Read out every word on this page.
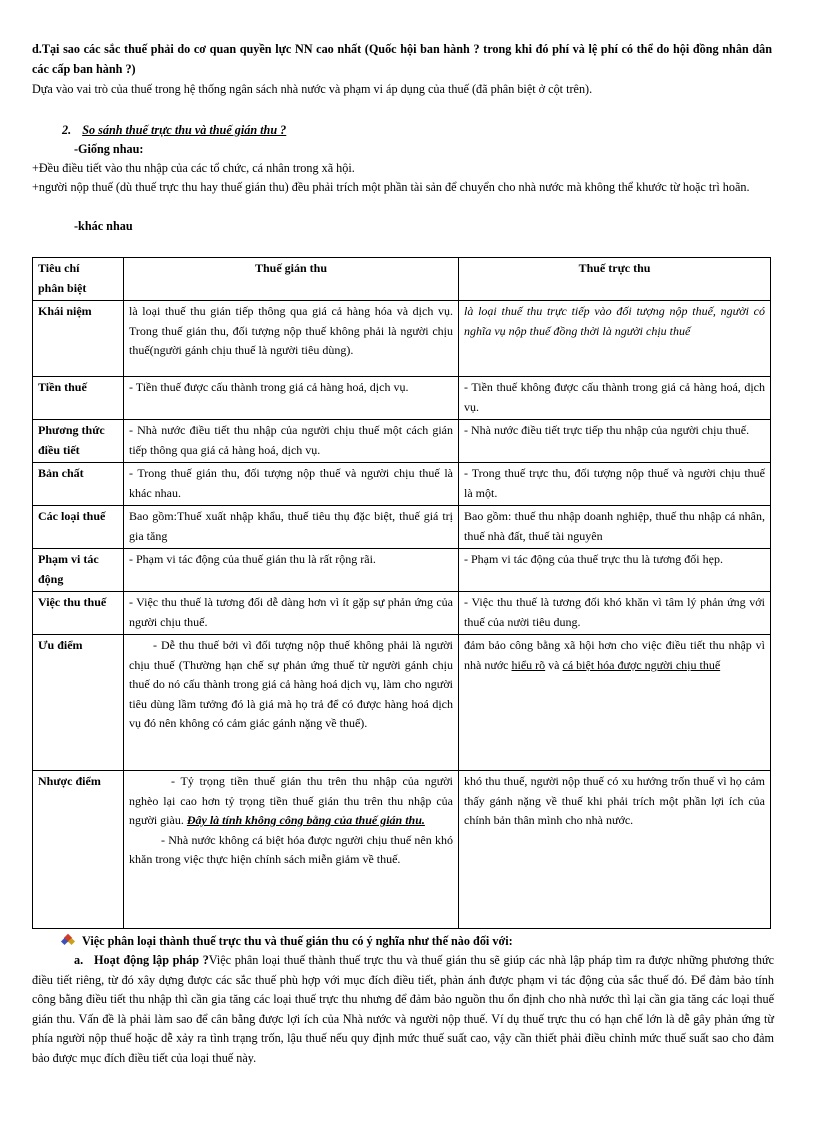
d.Tại sao các sắc thuế phải do cơ quan quyền lực NN cao nhất (Quốc hội ban hành ? trong khi đó phí và lệ phí có thể do hội đồng nhân dân các cấp ban hành ?)
Dựa vào vai trò của thuế trong hệ thống ngân sách nhà nước và phạm vi áp dụng của thuế (đã phân biệt ở cột trên).
2. So sánh thuế trực thu và thuế gián thu ?
-Giống nhau:
+Đều điều tiết vào thu nhập của các tổ chức, cá nhân trong xã hội.
+người nộp thuế (dù thuế trực thu hay thuế gián thu) đều phải trích một phần tài sản để chuyển cho nhà nước mà không thể khước từ hoặc trì hoãn.
-khác nhau
Tiêu chí
phân biệt	Thuế gián thu	Thuế trực thu
Khái niệm	là loại thuế thu gián tiếp thông qua giá cả hàng hóa và dịch vụ. Trong thuế gián thu, đối tượng nộp thuế không phải là người chịu thuế(người gánh chịu thuế là người tiêu dùng).	là loại thuế thu trực tiếp vào đối tượng nộp thuế, người có nghĩa vụ nộp thuế đồng thời là người chịu thuế
Tiền thuế	- Tiền thuế được cấu thành trong giá cả hàng hoá, dịch vụ.	- Tiền thuế không được cấu thành trong giá cả hàng hoá, dịch vụ.
Phương thức điều tiết	- Nhà nước điều tiết thu nhập của người chịu thuế một cách gián tiếp thông qua giá cả hàng hoá, dịch vụ.	- Nhà nước điều tiết trực tiếp thu nhập của người chịu thuế.
Bản chất	- Trong thuế gián thu, đối tượng nộp thuế và người chịu thuế là khác nhau.	- Trong thuế trực thu, đối tượng nộp thuế và người chịu thuế là một.
Các loại thuế	Bao gồm:Thuế xuất nhập khẩu, thuế tiêu thụ đặc biệt, thuế giá trị gia tăng	Bao gồm: thuế thu nhập doanh nghiệp, thuế thu nhập cá nhân, thuế nhà đất, thuế tài nguyên
Phạm vi tác động	- Phạm vi tác động của thuế gián thu là rất rộng rãi.	- Phạm vi tác động của thuế trực thu là tương đối hẹp.
Việc thu thuế	- Việc thu thuế là tương đối dễ dàng hơn vì ít gặp sự phản ứng của người chịu thuế.	- Việc thu thuế là tương đối khó khăn vì tâm lý phản ứng với thuế của nười tiêu dung.
Ưu điểm	- Dễ thu thuế bởi vì đối tượng nộp thuế không phải là người chịu thuế (Thường hạn chế sự phản ứng thuế từ người gánh chịu thuế do nó cấu thành trong giá cả hàng hoá dịch vụ, làm cho người tiêu dùng lầm tưởng đó là giá mà họ trả để có được hàng hoá dịch vụ đó nên không có cảm giác gánh nặng về thuế).	đảm bảo công bằng xã hội hơn cho việc điều tiết thu nhập vì nhà nước hiểu rõ và cá biệt hóa được người chịu thuế
Nhược điểm	- Tỷ trọng tiền thuế gián thu trên thu nhập của người nghèo lại cao hơn tỷ trọng tiền thuế gián thu trên thu nhập của người giàu. Đây là tính không công bằng của thuế gián thu.
- Nhà nước không cá biệt hóa được người chịu thuế nên khó khăn trong việc thực hiện chính sách miễn giảm về thuế.	khó thu thuế, người nộp thuế có xu hướng trốn thuế vì họ cảm thấy gánh nặng về thuế khi phải trích một phần lợi ích của chính bản thân mình cho nhà nước.
Việc phân loại thành thuế trực thu và thuế gián thu có ý nghĩa như thế nào đối với:
a. Hoạt động lập pháp ?Việc phân loại thuế thành thuế trực thu và thuế gián thu sẽ giúp các nhà lập pháp tìm ra được những phương thức điều tiết riêng, từ đó xây dựng được các sắc thuế phù hợp với mục đích điều tiết, phản ánh được phạm vi tác động của sắc thuế đó. Để đảm bảo tính công bằng điều tiết thu nhập thì cần gia tăng các loại thuế trực thu nhưng để đảm bảo nguồn thu ổn định cho nhà nước thì lại cần gia tăng các loại thuế gián thu. Vấn đề là phải làm sao để cân bằng được lợi ích của Nhà nước và người nộp thuế. Ví dụ thuế trực thu có hạn chế lớn là dễ gây phản ứng từ phía người nộp thuế hoặc dễ xảy ra tình trạng trốn, lậu thuế nếu quy định mức thuế suất cao, vậy cần thiết phải điều chỉnh mức thuế suất sao cho đảm bảo được mục đích điều tiết của loại thuế này.
